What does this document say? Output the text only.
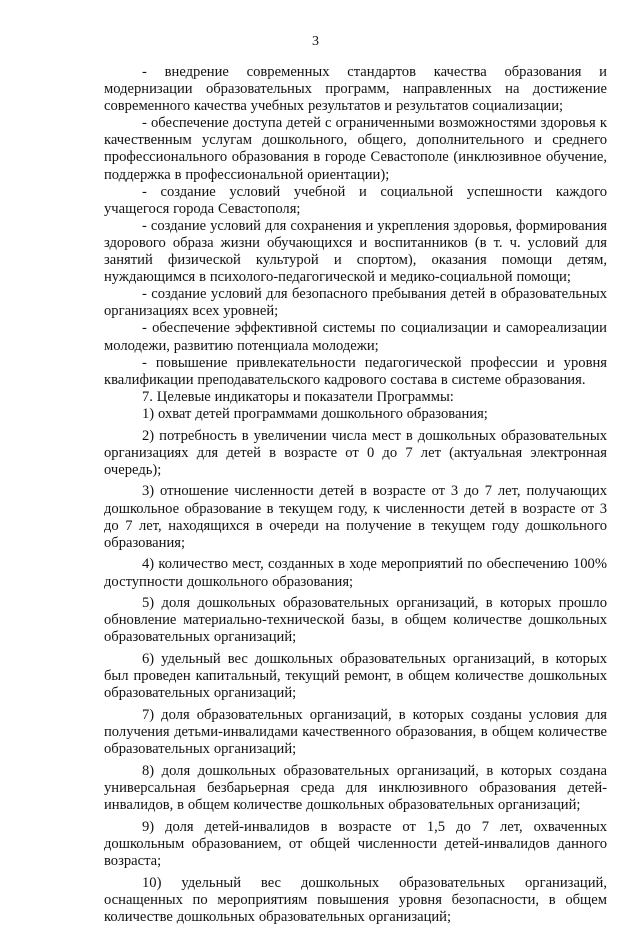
3

- внедрение современных стандартов качества образования и модернизации образовательных программ, направленных на достижение современного качества учебных результатов и результатов социализации;

- обеспечение доступа детей с ограниченными возможностями здоровья к качественным услугам дошкольного, общего, дополнительного и среднего профессионального образования в городе Севастополе (инклюзивное обучение, поддержка в профессиональной ориентации);

- создание условий учебной и социальной успешности каждого учащегося города Севастополя;

- создание условий для сохранения и укрепления здоровья, формирования здорового образа жизни обучающихся и воспитанников (в т. ч. условий для занятий физической культурой и спортом), оказания помощи детям, нуждающимся в психолого-педагогической и медико-социальной помощи;

- создание условий для безопасного пребывания детей в образовательных организациях всех уровней;

- обеспечение эффективной системы по социализации и самореализации молодежи, развитию потенциала молодежи;

- повышение привлекательности педагогической профессии и уровня квалификации преподавательского кадрового состава в системе образования.

7. Целевые индикаторы и показатели Программы:

1) охват детей программами дошкольного образования;

2) потребность в увеличении числа мест в дошкольных образовательных организациях для детей в возрасте от 0 до 7 лет (актуальная электронная очередь);

3) отношение численности детей в возрасте от 3 до 7 лет, получающих дошкольное образование в текущем году, к численности детей в возрасте от 3 до 7 лет, находящихся в очереди на получение в текущем году дошкольного образования;

4) количество мест, созданных в ходе мероприятий по обеспечению 100% доступности дошкольного образования;

5) доля дошкольных образовательных организаций, в которых прошло обновление материально-технической базы, в общем количестве дошкольных образовательных организаций;

6) удельный вес дошкольных образовательных организаций, в которых был проведен капитальный, текущий ремонт, в общем количестве дошкольных образовательных организаций;

7) доля образовательных организаций, в которых созданы условия для получения детьми-инвалидами качественного образования, в общем количестве образовательных организаций;

8) доля дошкольных образовательных организаций, в которых создана универсальная безбарьерная среда для инклюзивного образования детей-инвалидов, в общем количестве дошкольных образовательных организаций;

9) доля детей-инвалидов в возрасте от 1,5 до 7 лет, охваченных дошкольным образованием, от общей численности детей-инвалидов данного возраста;

10) удельный вес дошкольных образовательных организаций, оснащенных по мероприятиям повышения уровня безопасности, в общем количестве дошкольных образовательных организаций;
